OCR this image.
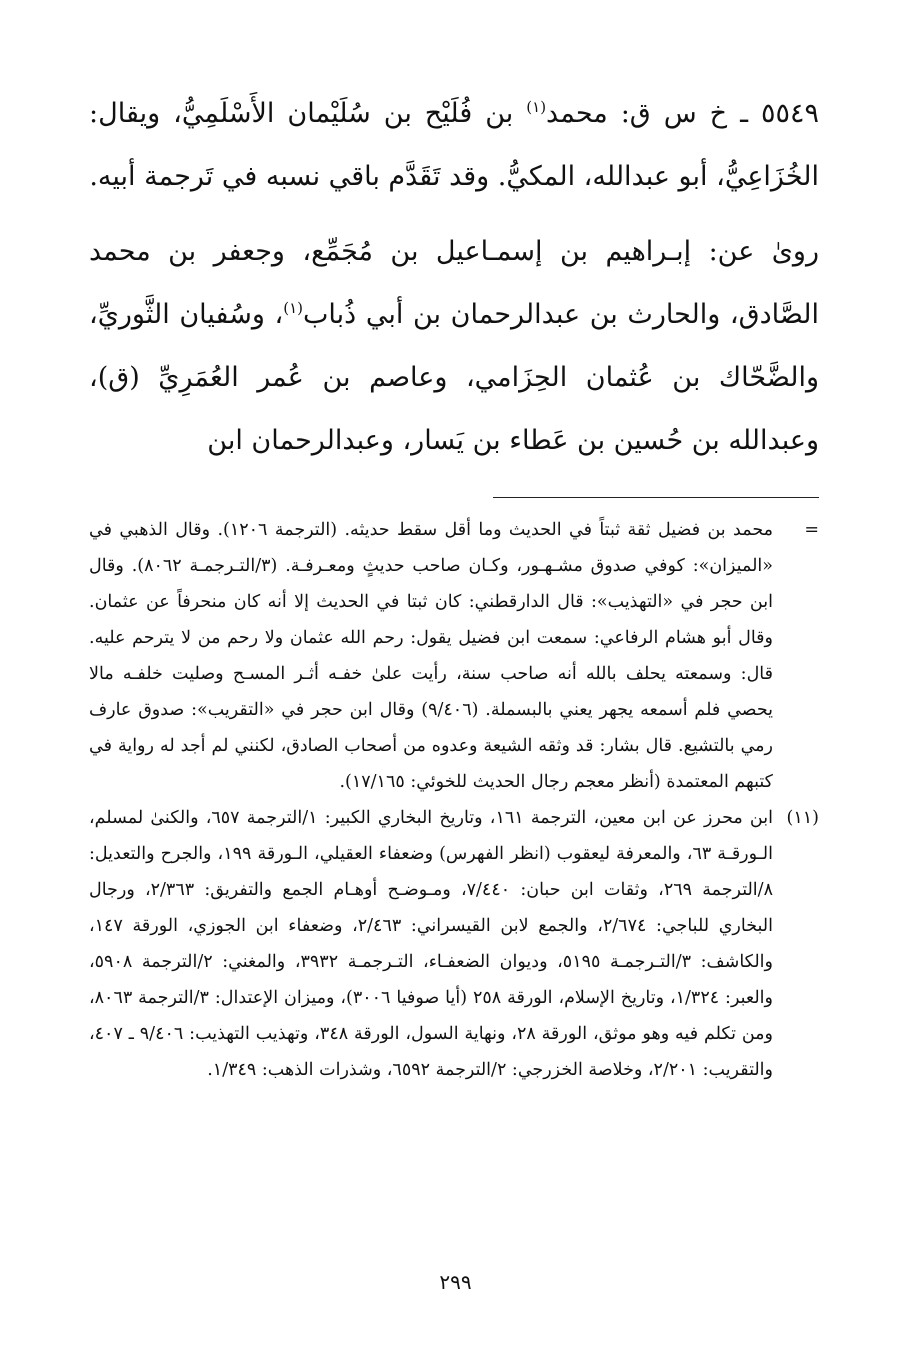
٥٥٤٩ ـ خ س ق: محمد$^{(١)}$ بن فُلَيْح بن سُلَيْمان الأَسْلَمِيُّ، ويقال: الخُزَاعِيُّ، أبو عبدالله، المكيُّ. وقد تَقَدَّم باقي نسبه في تَرجمة أبيه.

روىٰ عن: إبـراهيم بن إسمـاعيل بن مُجَمِّع، وجعفر بن محمد الصَّادق، والحارث بن عبدالرحمان بن أبي ذُباب$^{(١)}$، وسُفيان الثَّوريِّ، والضَّحّاك بن عُثمان الحِزَامي، وعاصم بن عُمر العُمَرِيِّ (ق)، وعبدالله بن حُسين بن عَطاء بن يَسار، وعبدالرحمان ابن

=
محمد بن فضيل ثقة ثبتاً في الحديث وما أقل سقط حديثه. (الترجمة ١٢٠٦). وقال الذهبي في «الميزان»: كوفي صدوق مشـهـور، وكـان صاحب حديثٍ ومعـرفـة. (٣/التـرجمـة ٨٠٦٢). وقال ابن حجر في «التهذيب»: قال الدارقطني: كان ثبتا في الحديث إلا أنه كان منحرفاً عن عثمان. وقال أبو هشام الرفاعي: سمعت ابن فضيل يقول: رحم الله عثمان ولا رحم من لا يترحم عليه. قال: وسمعته يحلف بالله أنه صاحب سنة، رأيت علىٰ خفـه أثـر المسـح وصليت خلفـه مالا يحصي فلم أسمعه يجهر يعني بالبسملة. (٩/٤٠٦) وقال ابن حجر في «التقريب»: صدوق عارف رمي بالتشيع. قال بشار: قد وثقه الشيعة وعدوه من أصحاب الصادق، لكنني لم أجد له رواية في كتبهم المعتمدة (أنظر معجم رجال الحديث للخوئي: ١٧/١٦٥).
(١١)
ابن محرز عن ابن معين، الترجمة ١٦١، وتاريخ البخاري الكبير: ١/الترجمة ٦٥٧، والكنىٰ لمسلم، الـورقـة ٦٣، والمعرفة ليعقوب (انظر الفهرس) وضعفاء العقيلي، الـورقة ١٩٩، والجرح والتعديل: ٨/الترجمة ٢٦٩، وثقات ابن حبان: ٧/٤٤٠، ومـوضـح أوهـام الجمع والتفريق: ٢/٣٦٣، ورجال البخاري للباجي: ٢/٦٧٤، والجمع لابن القيسراني: ٢/٤٦٣، وضعفاء ابن الجوزي، الورقة ١٤٧، والكاشف: ٣/التـرجمـة ٥١٩٥، وديوان الضعفـاء، التـرجمـة ٣٩٣٢، والمغني: ٢/الترجمة ٥٩٠٨، والعبر: ١/٣٢٤، وتاريخ الإسلام، الورقة ٢٥٨ (أيا صوفيا ٣٠٠٦)، وميزان الإعتدال: ٣/الترجمة ٨٠٦٣، ومن تكلم فيه وهو موثق، الورقة ٢٨، ونهاية السول، الورقة ٣٤٨، وتهذيب التهذيب: ٩/٤٠٦ ـ ٤٠٧، والتقريب: ٢/٢٠١، وخلاصة الخزرجي: ٢/الترجمة ٦٥٩٢، وشذرات الذهب: ١/٣٤٩.
٢٩٩
